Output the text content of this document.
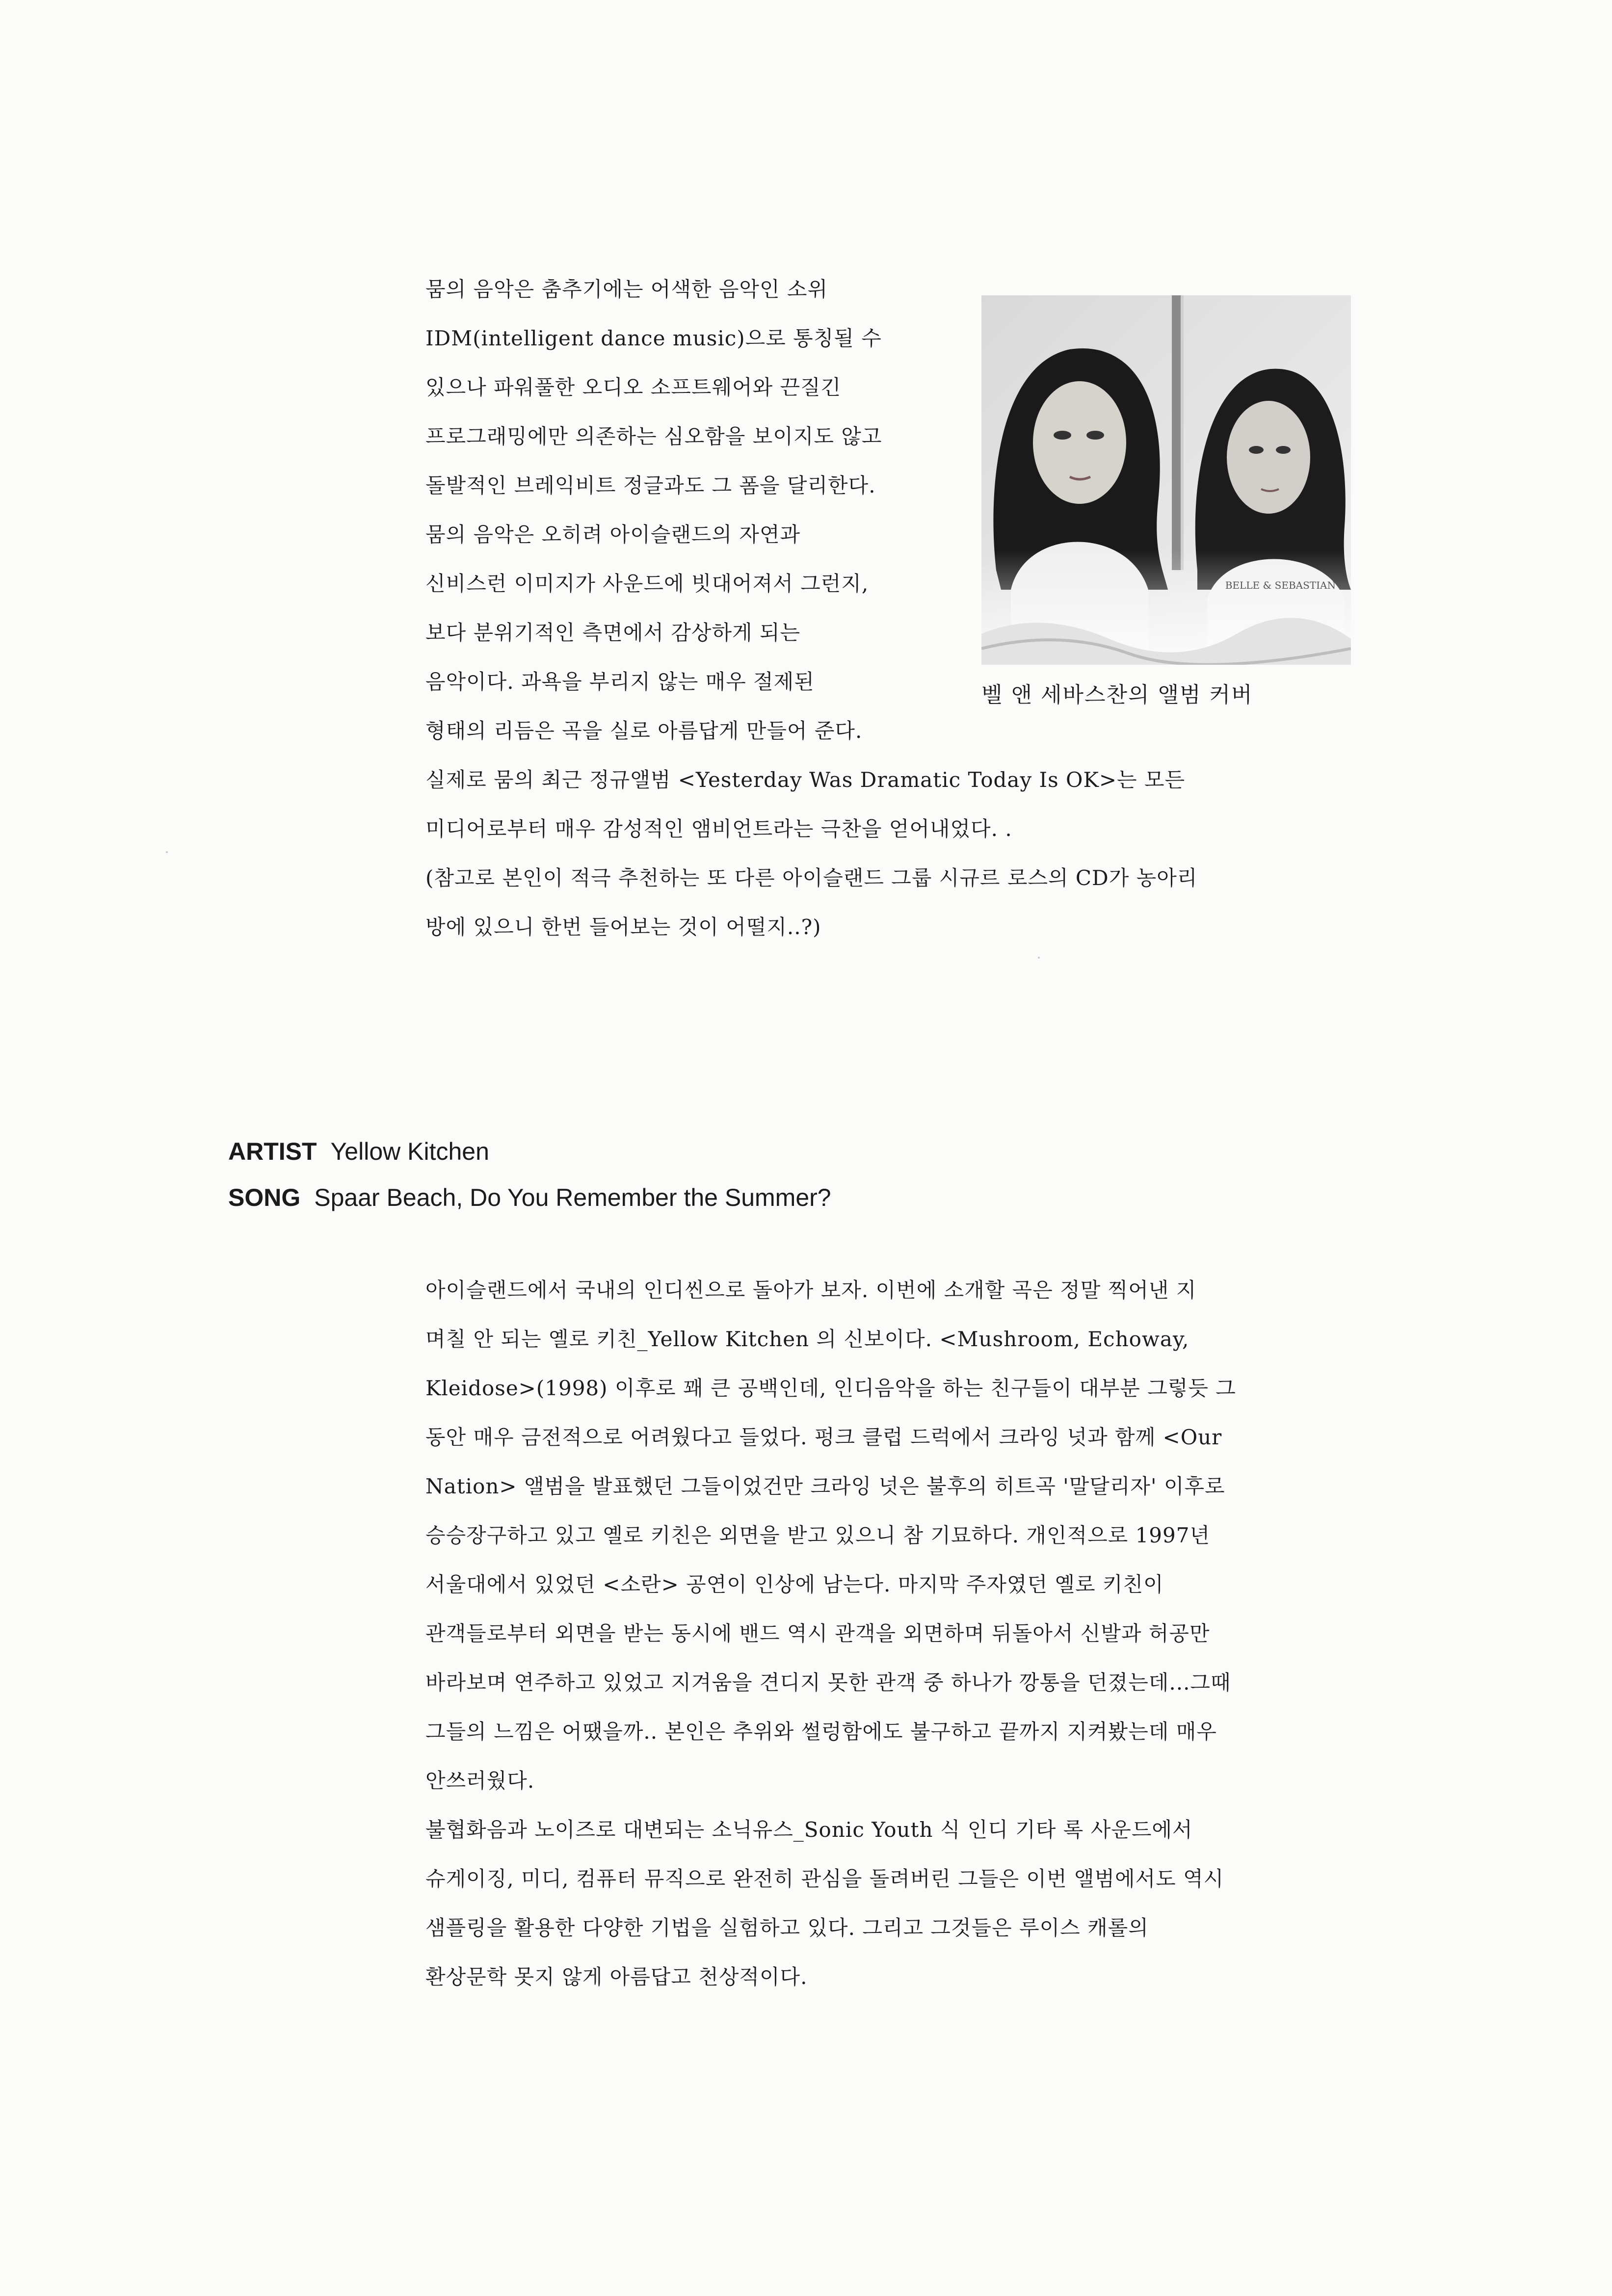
뭄의 음악은 춤추기에는 어색한 음악인 소위
IDM(intelligent dance music)으로 통칭될 수
있으나 파워풀한 오디오 소프트웨어와 끈질긴
프로그래밍에만 의존하는 심오함을 보이지도 않고
돌발적인 브레익비트 정글과도 그 폼을 달리한다.
뭄의 음악은 오히려 아이슬랜드의 자연과
신비스런 이미지가 사운드에 빗대어져서 그런지,
보다 분위기적인 측면에서 감상하게 되는
음악이다. 과욕을 부리지 않는 매우 절제된
형태의 리듬은 곡을 실로 아름답게 만들어 준다.
BELLE & SEBASTIAN
벨 앤 세바스찬의 앨범 커버
실제로 뭄의 최근 정규앨범 <Yesterday Was Dramatic Today Is OK>는 모든
미디어로부터 매우 감성적인 앰비언트라는 극찬을 얻어내었다. .
(참고로 본인이 적극 추천하는 또 다른 아이슬랜드 그룹 시규르 로스의 CD가 농아리
방에 있으니 한번 들어보는 것이 어떨지..?)
ARTIST Yellow Kitchen
SONG Spaar Beach, Do You Remember the Summer?
아이슬랜드에서 국내의 인디씬으로 돌아가 보자. 이번에 소개할 곡은 정말 찍어낸 지
며칠 안 되는 옐로 키친_Yellow Kitchen 의 신보이다. <Mushroom, Echoway,
Kleidose>(1998) 이후로 꽤 큰 공백인데, 인디음악을 하는 친구들이 대부분 그렇듯 그
동안 매우 금전적으로 어려웠다고 들었다. 펑크 클럽 드럭에서 크라잉 넛과 함께 <Our
Nation> 앨범을 발표했던 그들이었건만 크라잉 넛은 불후의 히트곡 '말달리자' 이후로
승승장구하고 있고 옐로 키친은 외면을 받고 있으니 참 기묘하다. 개인적으로 1997년
서울대에서 있었던 <소란> 공연이 인상에 남는다. 마지막 주자였던 옐로 키친이
관객들로부터 외면을 받는 동시에 밴드 역시 관객을 외면하며 뒤돌아서 신발과 허공만
바라보며 연주하고 있었고 지겨움을 견디지 못한 관객 중 하나가 깡통을 던졌는데...그때
그들의 느낌은 어땠을까.. 본인은 추위와 썰렁함에도 불구하고 끝까지 지켜봤는데 매우
안쓰러웠다.
불협화음과 노이즈로 대변되는 소닉유스_Sonic Youth 식 인디 기타 록 사운드에서
슈게이징, 미디, 컴퓨터 뮤직으로 완전히 관심을 돌려버린 그들은 이번 앨범에서도 역시
샘플링을 활용한 다양한 기법을 실험하고 있다. 그리고 그것들은 루이스 캐롤의
환상문학 못지 않게 아름답고 천상적이다.
